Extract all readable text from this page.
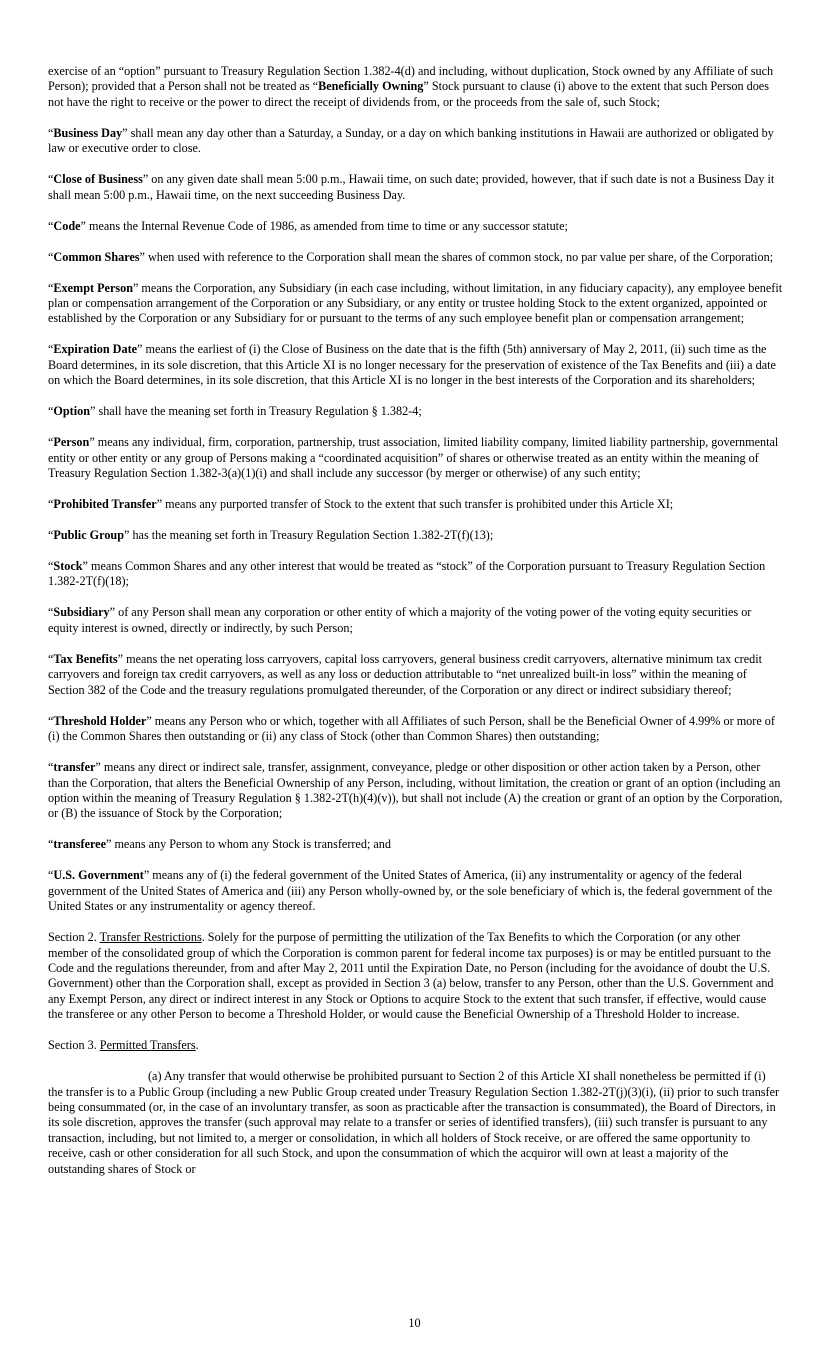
exercise of an “option” pursuant to Treasury Regulation Section 1.382-4(d) and including, without duplication, Stock owned by any Affiliate of such Person); provided that a Person shall not be treated as “Beneficially Owning” Stock pursuant to clause (i) above to the extent that such Person does not have the right to receive or the power to direct the receipt of dividends from, or the proceeds from the sale of, such Stock;

“Business Day” shall mean any day other than a Saturday, a Sunday, or a day on which banking institutions in Hawaii are authorized or obligated by law or executive order to close.

“Close of Business” on any given date shall mean 5:00 p.m., Hawaii time, on such date; provided, however, that if such date is not a Business Day it shall mean 5:00 p.m., Hawaii time, on the next succeeding Business Day.

“Code” means the Internal Revenue Code of 1986, as amended from time to time or any successor statute;

“Common Shares” when used with reference to the Corporation shall mean the shares of common stock, no par value per share, of the Corporation;

“Exempt Person” means the Corporation, any Subsidiary (in each case including, without limitation, in any fiduciary capacity), any employee benefit plan or compensation arrangement of the Corporation or any Subsidiary, or any entity or trustee holding Stock to the extent organized, appointed or established by the Corporation or any Subsidiary for or pursuant to the terms of any such employee benefit plan or compensation arrangement;

“Expiration Date” means the earliest of (i) the Close of Business on the date that is the fifth (5th) anniversary of May 2, 2011, (ii) such time as the Board determines, in its sole discretion, that this Article XI is no longer necessary for the preservation of existence of the Tax Benefits and (iii) a date on which the Board determines, in its sole discretion, that this Article XI is no longer in the best interests of the Corporation and its shareholders;

“Option” shall have the meaning set forth in Treasury Regulation § 1.382-4;

“Person” means any individual, firm, corporation, partnership, trust association, limited liability company, limited liability partnership, governmental entity or other entity or any group of Persons making a “coordinated acquisition” of shares or otherwise treated as an entity within the meaning of Treasury Regulation Section 1.382-3(a)(1)(i) and shall include any successor (by merger or otherwise) of any such entity;

“Prohibited Transfer” means any purported transfer of Stock to the extent that such transfer is prohibited under this Article XI;

“Public Group” has the meaning set forth in Treasury Regulation Section 1.382-2T(f)(13);

“Stock” means Common Shares and any other interest that would be treated as “stock” of the Corporation pursuant to Treasury Regulation Section 1.382-2T(f)(18);

“Subsidiary” of any Person shall mean any corporation or other entity of which a majority of the voting power of the voting equity securities or equity interest is owned, directly or indirectly, by such Person;

“Tax Benefits” means the net operating loss carryovers, capital loss carryovers, general business credit carryovers, alternative minimum tax credit carryovers and foreign tax credit carryovers, as well as any loss or deduction attributable to “net unrealized built-in loss” within the meaning of Section 382 of the Code and the treasury regulations promulgated thereunder, of the Corporation or any direct or indirect subsidiary thereof;

“Threshold Holder” means any Person who or which, together with all Affiliates of such Person, shall be the Beneficial Owner of 4.99% or more of (i) the Common Shares then outstanding or (ii) any class of Stock (other than Common Shares) then outstanding;

“transfer” means any direct or indirect sale, transfer, assignment, conveyance, pledge or other disposition or other action taken by a Person, other than the Corporation, that alters the Beneficial Ownership of any Person, including, without limitation, the creation or grant of an option (including an option within the meaning of Treasury Regulation § 1.382-2T(h)(4)(v)), but shall not include (A) the creation or grant of an option by the Corporation, or (B) the issuance of Stock by the Corporation;

“transferee” means any Person to whom any Stock is transferred; and

“U.S. Government” means any of (i) the federal government of the United States of America, (ii) any instrumentality or agency of the federal government of the United States of America and (iii) any Person wholly-owned by, or the sole beneficiary of which is, the federal government of the United States or any instrumentality or agency thereof.

Section 2. Transfer Restrictions. Solely for the purpose of permitting the utilization of the Tax Benefits to which the Corporation (or any other member of the consolidated group of which the Corporation is common parent for federal income tax purposes) is or may be entitled pursuant to the Code and the regulations thereunder, from and after May 2, 2011 until the Expiration Date, no Person (including for the avoidance of doubt the U.S. Government) other than the Corporation shall, except as provided in Section 3 (a) below, transfer to any Person, other than the U.S. Government and any Exempt Person, any direct or indirect interest in any Stock or Options to acquire Stock to the extent that such transfer, if effective, would cause the transferee or any other Person to become a Threshold Holder, or would cause the Beneficial Ownership of a Threshold Holder to increase.

Section 3. Permitted Transfers.

(a) Any transfer that would otherwise be prohibited pursuant to Section 2 of this Article XI shall nonetheless be permitted if (i) the transfer is to a Public Group (including a new Public Group created under Treasury Regulation Section 1.382-2T(j)(3)(i), (ii) prior to such transfer being consummated (or, in the case of an involuntary transfer, as soon as practicable after the transaction is consummated), the Board of Directors, in its sole discretion, approves the transfer (such approval may relate to a transfer or series of identified transfers), (iii) such transfer is pursuant to any transaction, including, but not limited to, a merger or consolidation, in which all holders of Stock receive, or are offered the same opportunity to receive, cash or other consideration for all such Stock, and upon the consummation of which the acquiror will own at least a majority of the outstanding shares of Stock or

10
